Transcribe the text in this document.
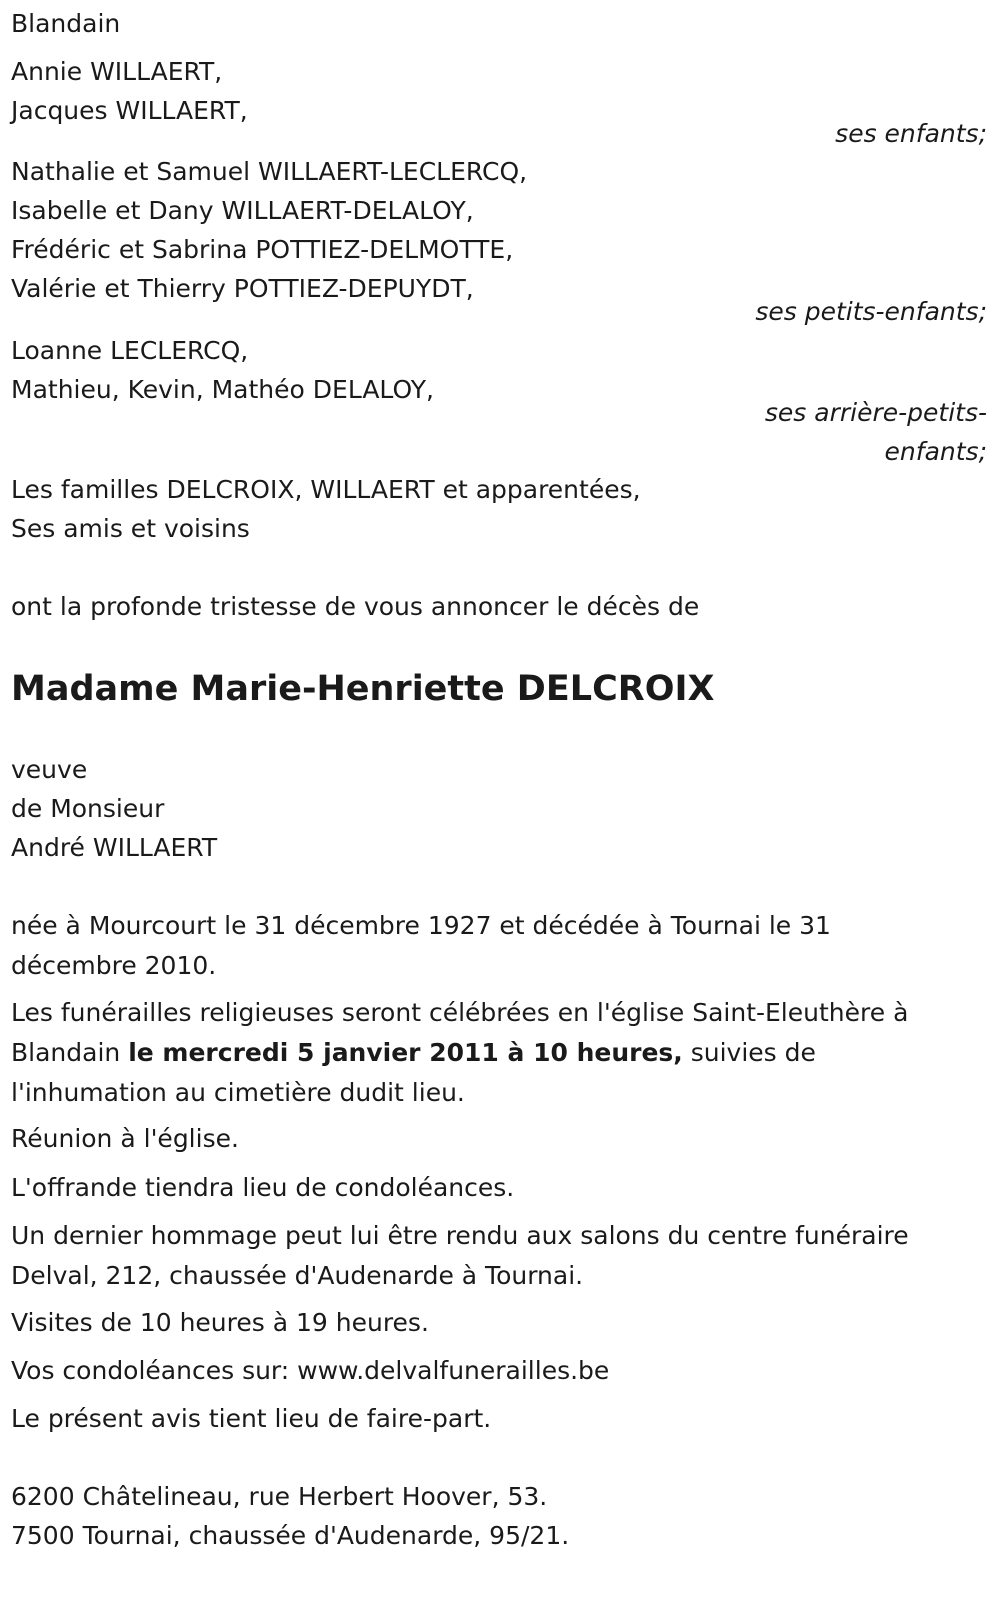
Blandain
Annie WILLAERT,
Jacques WILLAERT,
ses enfants;
Nathalie et Samuel WILLAERT-LECLERCQ,
Isabelle et Dany WILLAERT-DELALOY,
Frédéric et Sabrina POTTIEZ-DELMOTTE,
Valérie et Thierry POTTIEZ-DEPUYDT,
ses petits-enfants;
Loanne LECLERCQ,
Mathieu, Kevin, Mathéo DELALOY,
ses arrière-petits-
enfants;
Les familles DELCROIX, WILLAERT et apparentées,
Ses amis et voisins
ont la profonde tristesse de vous annoncer le décès de
Madame Marie-Henriette DELCROIX
veuve
de Monsieur
André WILLAERT
née à Mourcourt le 31 décembre 1927 et décédée à Tournai le 31 décembre 2010.
Les funérailles religieuses seront célébrées en l'église Saint-Eleuthère à Blandain le mercredi 5 janvier 2011 à 10 heures, suivies de l'inhumation au cimetière dudit lieu.
Réunion à l'église.
L'offrande tiendra lieu de condoléances.
Un dernier hommage peut lui être rendu aux salons du centre funéraire Delval, 212, chaussée d'Audenarde à Tournai.
Visites de 10 heures à 19 heures.
Vos condoléances sur: www.delvalfunerailles.be
Le présent avis tient lieu de faire-part.
6200 Châtelineau, rue Herbert Hoover, 53.
7500 Tournai, chaussée d'Audenarde, 95/21.
